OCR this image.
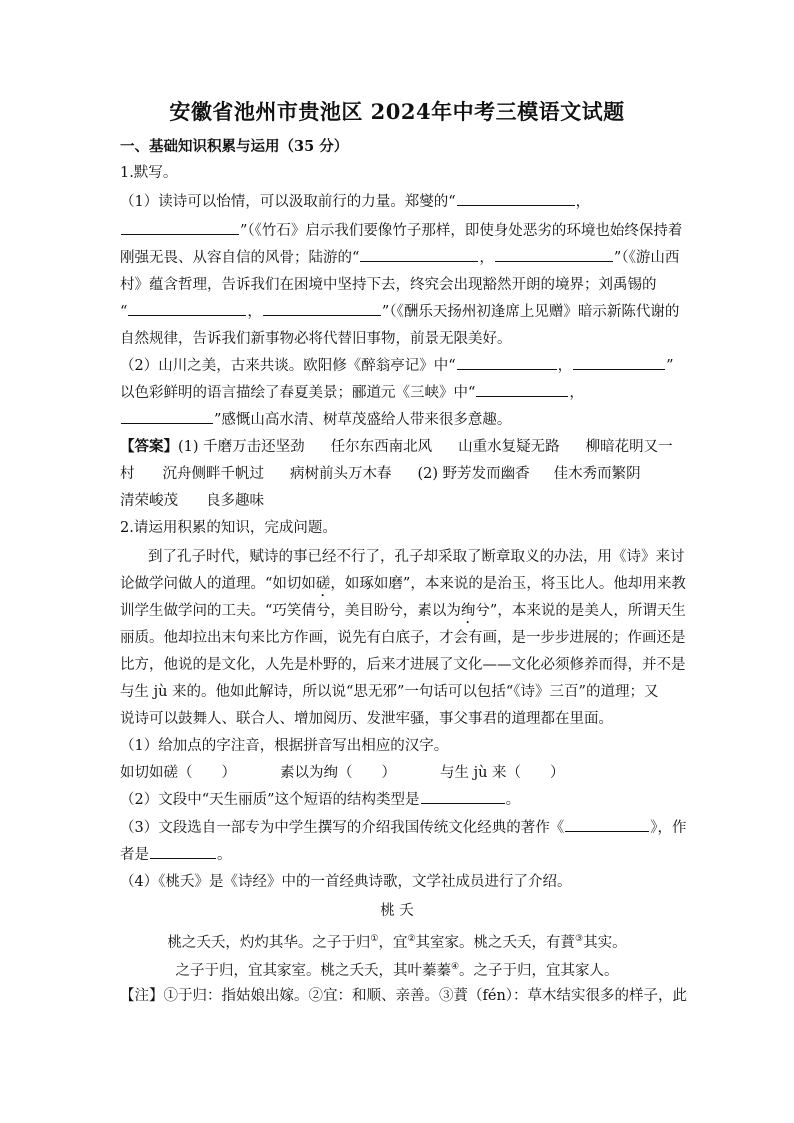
安徽省池州市贵池区 2024年中考三模语文试题
一、基础知识积累与运用（35 分）
1.默写。
（1）读诗可以怡情，可以汲取前行的力量。郑燮的“	，
”（《竹石》启示我们要像竹子那样，即使身处恶劣的环境也始终保持着
刚强无畏、从容自信的风骨；陆游的“	，	”（《游山西
村》蕴含哲理，告诉我们在困境中坚持下去，终究会出现豁然开朗的境界；刘禹锡的
“	，	”（《酬乐天扬州初逢席上见赠》暗示新陈代谢的
自然规律，告诉我们新事物必将代替旧事物，前景无限美好。
（2）山川之美，古来共谈。欧阳修《醉翁亭记》中“	，	”
以色彩鲜明的语言描绘了春夏美景；郦道元《三峡》中“	，
”感慨山高水清、树草茂盛给人带来很多意趣。
【答案】(1) 千磨万击还坚劲 任尔东西南北风 山重水复疑无路 柳暗花明又一
村 沉舟侧畔千帆过 病树前头万木春 (2) 野芳发而幽香 佳木秀而繁阴
清荣峻茂 良多趣味
2.请运用积累的知识，完成问题。
到了孔子时代，赋诗的事已经不行了，孔子却采取了断章取义的办法，用《诗》来讨
论做学问做人的道理。“如切如磋，如琢如磨”，本来说的是治玉，将玉比人。他却用来教
训学生做学问的工夫。“巧笑倩兮，美目盼兮，素以为绚兮”，本来说的是美人，所谓天生
丽质。他却拉出末句来比方作画，说先有白底子，才会有画，是一步步进展的；作画还是
比方，他说的是文化，人先是朴野的，后来才进展了文化——文化必须修养而得，并不是
与生 jù 来的。他如此解诗，所以说“思无邪”一句话可以包括“《诗》三百”的道理；又
说诗可以鼓舞人、联合人、增加阅历、发泄牢骚，事父事君的道理都在里面。
（1）给加点的字注音，根据拼音写出相应的汉字。
如切如磋（　　）	素以为绚（　　）	与生 jù 来（　　）
（2）文段中“天生丽质”这个短语的结构类型是	。
（3）文段选自一部专为中学生撰写的介绍我国传统文化经典的著作《	》，作
者是	。
（4）《桃夭》是《诗经》中的一首经典诗歌，文学社成员进行了介绍。
桃 夭
桃之夭夭，灼灼其华。之子于归①，宜②其室家。桃之夭夭，有蕡③其实。
之子于归，宜其家室。桃之夭夭，其叶蓁蓁④。之子于归，宜其家人。
【注】①于归：指姑娘出嫁。②宜：和顺、亲善。③蕡（fén）：草木结实很多的样子，此
